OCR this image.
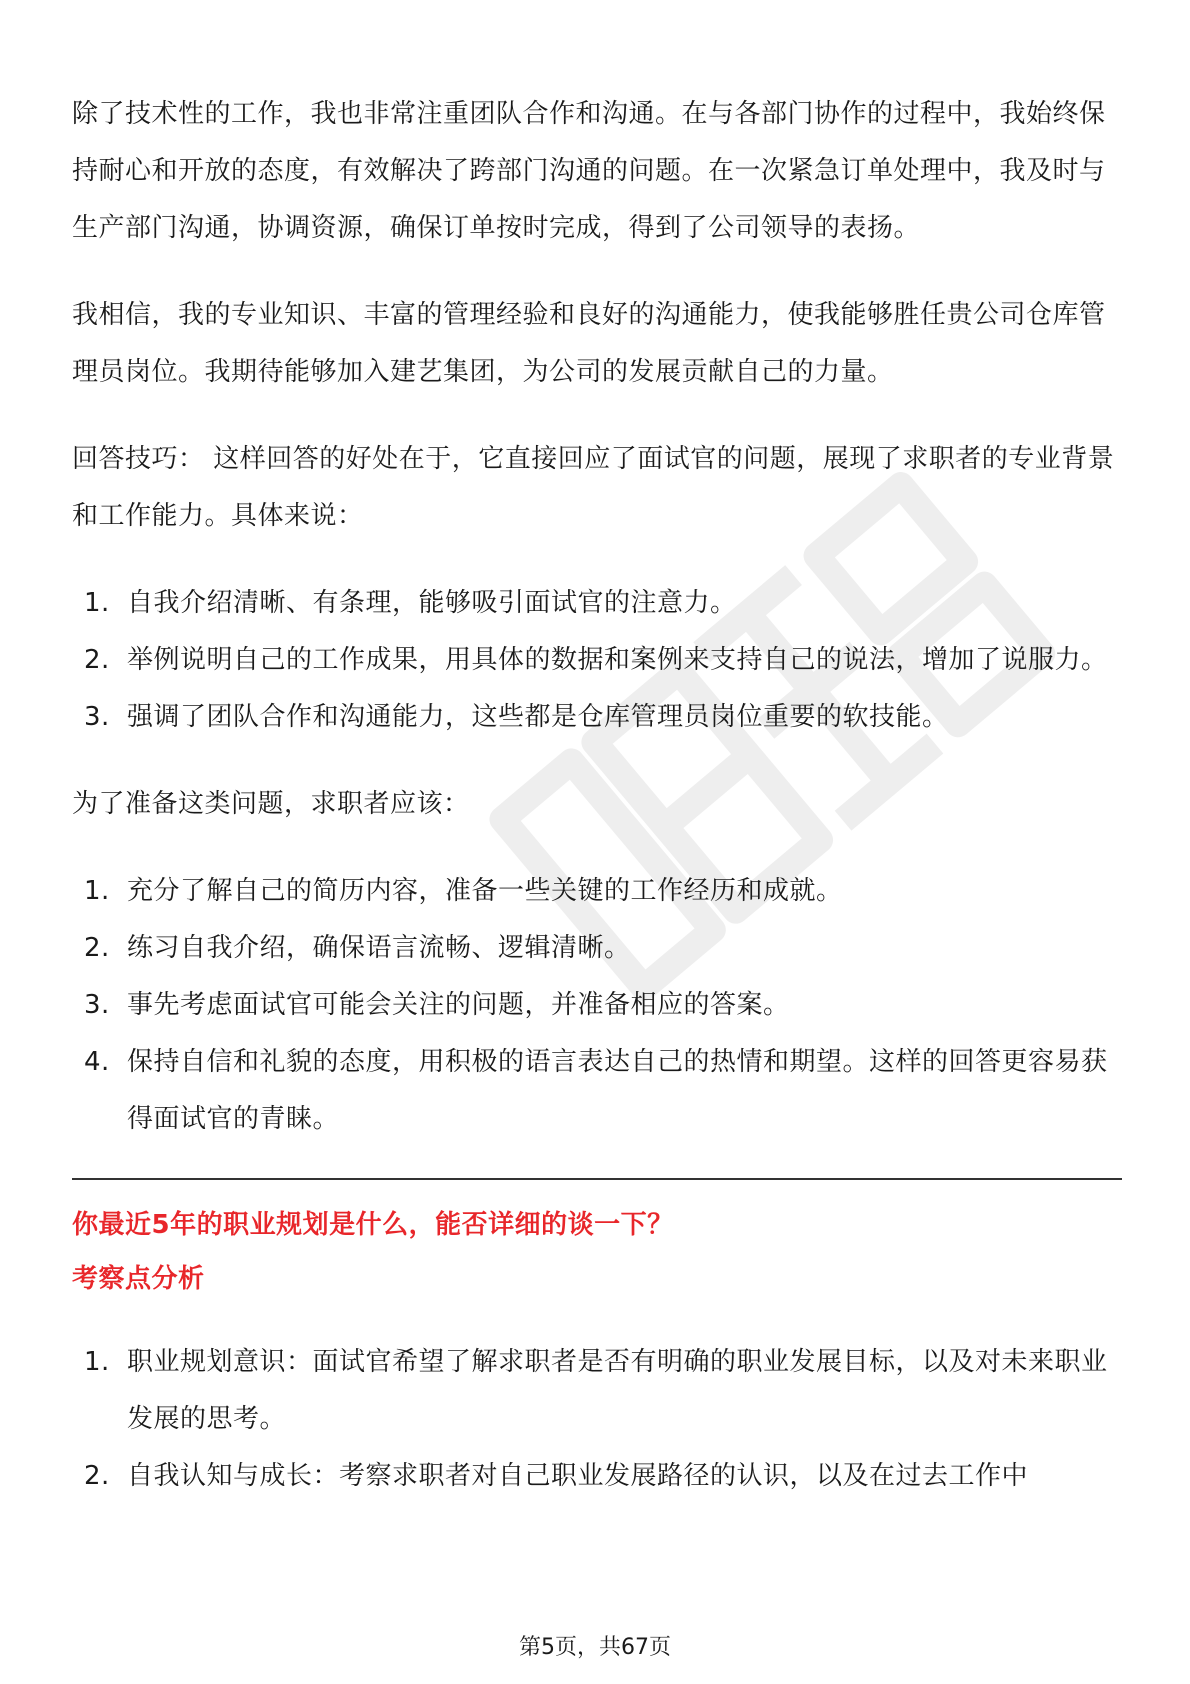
除了技术性的工作，我也非常注重团队合作和沟通。在与各部门协作的过程中，我始终保持耐心和开放的态度，有效解决了跨部门沟通的问题。在一次紧急订单处理中，我及时与生产部门沟通，协调资源，确保订单按时完成，得到了公司领导的表扬。

我相信，我的专业知识、丰富的管理经验和良好的沟通能力，使我能够胜任贵公司仓库管理员岗位。我期待能够加入建艺集团，为公司的发展贡献自己的力量。

回答技巧： 这样回答的好处在于，它直接回应了面试官的问题，展现了求职者的专业背景和工作能力。具体来说：

1. 自我介绍清晰、有条理，能够吸引面试官的注意力。
2. 举例说明自己的工作成果，用具体的数据和案例来支持自己的说法，增加了说服力。
3. 强调了团队合作和沟通能力，这些都是仓库管理员岗位重要的软技能。

为了准备这类问题，求职者应该：

1. 充分了解自己的简历内容，准备一些关键的工作经历和成就。
2. 练习自我介绍，确保语言流畅、逻辑清晰。
3. 事先考虑面试官可能会关注的问题，并准备相应的答案。
4. 保持自信和礼貌的态度，用积极的语言表达自己的热情和期望。这样的回答更容易获得面试官的青睐。
你最近5年的职业规划是什么，能否详细的谈一下？
考察点分析
1. 职业规划意识：面试官希望了解求职者是否有明确的职业发展目标，以及对未来职业发展的思考。
2. 自我认知与成长：考察求职者对自己职业发展路径的认识，以及在过去工作中
第5页，共67页
